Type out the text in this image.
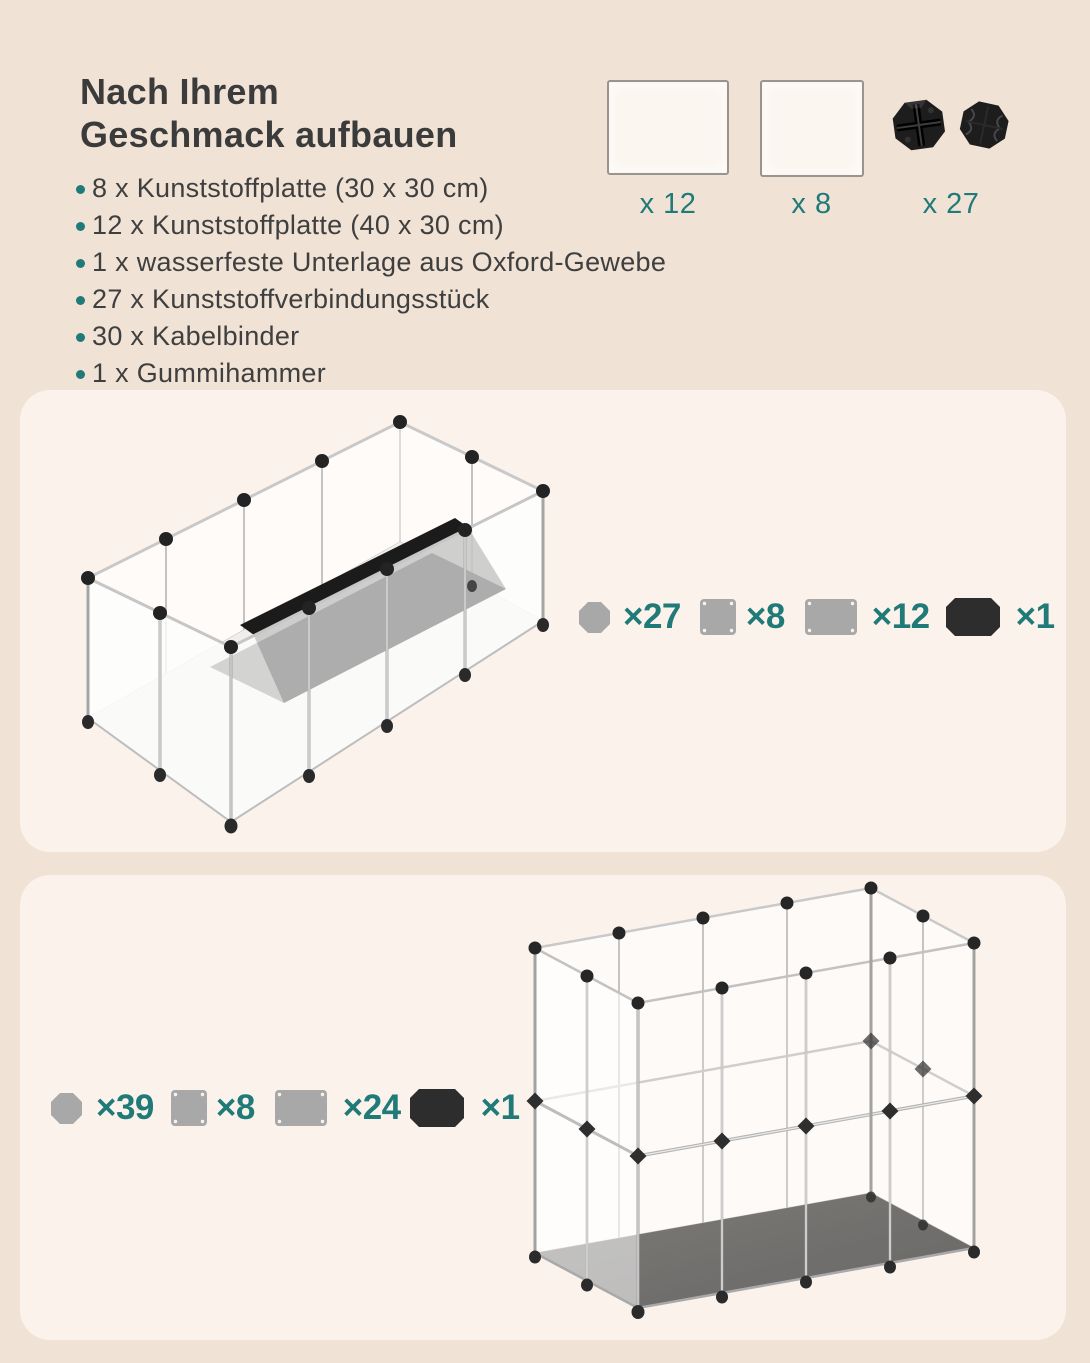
Nach Ihrem
Geschmack aufbauen
8 x Kunststoffplatte (30 x 30 cm)
12 x Kunststoffplatte (40 x 30 cm)
1 x wasserfeste Unterlage aus Oxford-Gewebe
27 x Kunststoffverbindungsstück
30 x Kabelbinder
1 x Gummihammer
x 12	x 8	x 27
×27 ×8 ×12 ×1
×39 ×8	×24 ×1
